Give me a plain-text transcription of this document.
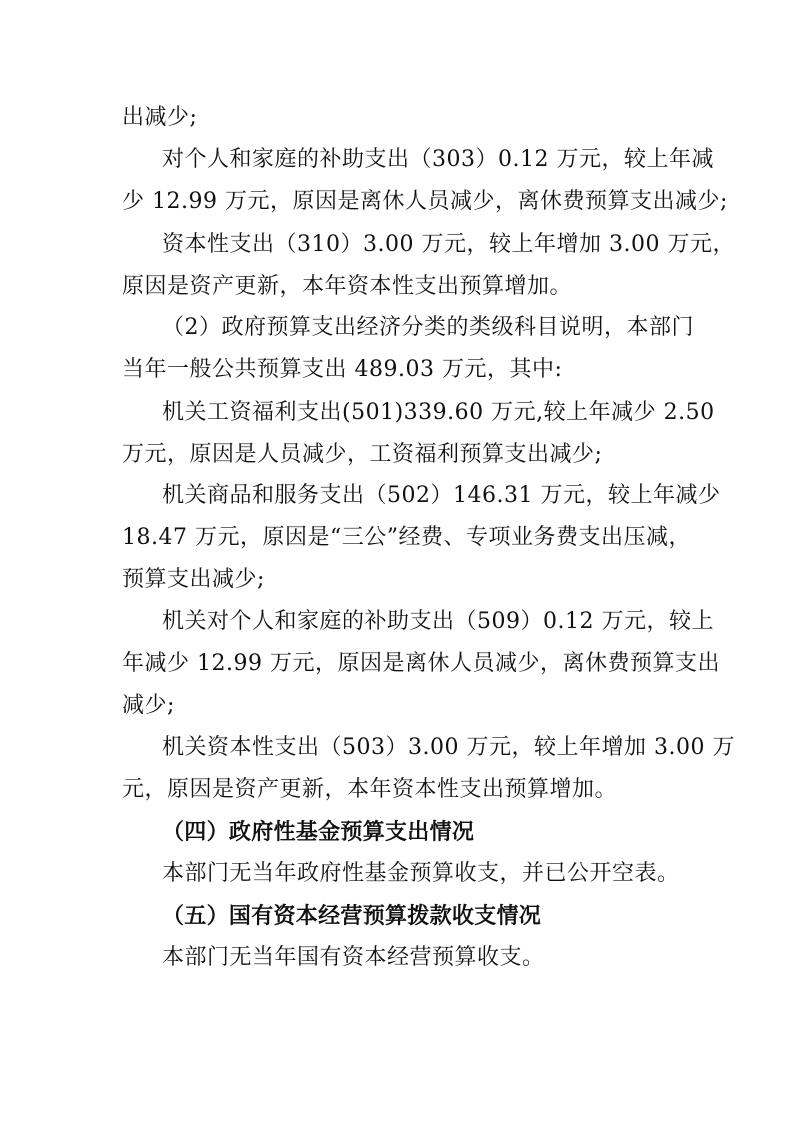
出减少;
对个人和家庭的补助支出（303）0.12 万元，较上年减
少 12.99 万元，原因是离休人员减少，离休费预算支出减少;
资本性支出（310）3.00 万元，较上年增加 3.00 万元，
原因是资产更新，本年资本性支出预算增加。
（2）政府预算支出经济分类的类级科目说明，本部门
当年一般公共预算支出 489.03 万元，其中:
机关工资福利支出(501)339.60 万元,较上年减少 2.50
万元，原因是人员减少，工资福利预算支出减少;
机关商品和服务支出（502）146.31 万元，较上年减少
18.47 万元，原因是“三公”经费、专项业务费支出压减，
预算支出减少;
机关对个人和家庭的补助支出（509）0.12 万元，较上
年减少 12.99 万元，原因是离休人员减少，离休费预算支出
减少;
机关资本性支出（503）3.00 万元，较上年增加 3.00 万
元，原因是资产更新，本年资本性支出预算增加。
（四）政府性基金预算支出情况
本部门无当年政府性基金预算收支，并已公开空表。
（五）国有资本经营预算拨款收支情况
本部门无当年国有资本经营预算收支。
